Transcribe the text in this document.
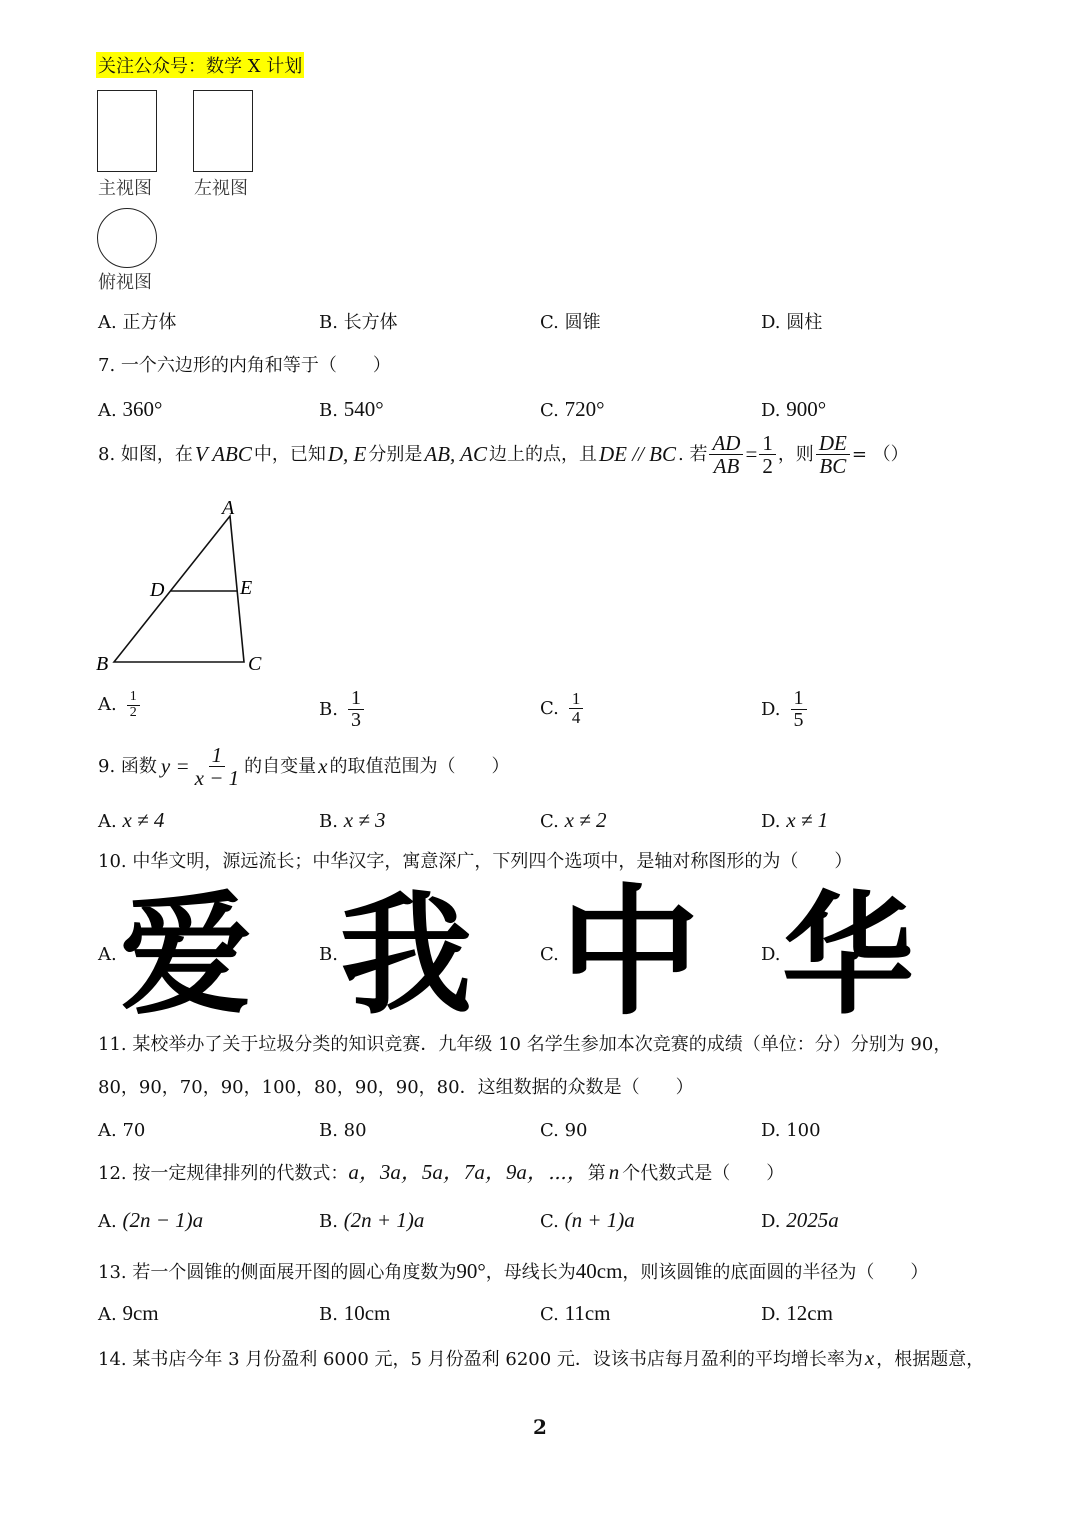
关注公众号：数学 X 计划
主视图 左视图
俯视图
A. 正方体	B. 长方体	C. 圆锥	D. 圆柱
7. 一个六边形的内角和等于（　　）
A. 360°	B. 540°	C. 720°	D. 900°
8. 如图，在 V ABC 中，已知 D, E 分别是 AB, AC 边上的点，且 DE // BC . 若 $\frac{AD}{AB} = \frac{1}{2}$ ，则 $\frac{DE}{BC}$ = （）
A
B	C
D	E
A. $\frac{1}{2}$	B. $\frac{1}{3}$	C. $\frac{1}{4}$	D. $\frac{1}{5}$
9. 函数 $y = \frac{1}{x - 1}$ 的自变量 x 的取值范围为（　　）
A. x ≠ 4	B. x ≠ 3	C. x ≠ 2	D. x ≠ 1
10. 中华文明，源远流长；中华汉字，寓意深广，下列四个选项中，是轴对称图形的为（　　）
A. 爱	B. 我	C. 中	D. 华
11. 某校举办了关于垃圾分类的知识竞赛．九年级 10 名学生参加本次竞赛的成绩（单位：分）分别为 90，
80，90，70，90，100，80，90，90，80．这组数据的众数是（　　）
A. 70	B. 80	C. 90	D. 100
12. 按一定规律排列的代数式：a，3a，5a，7a，9a，⋯，第 n 个代数式是（　　）
A. (2n − 1)a	B. (2n + 1)a	C. (n + 1)a	D. 2025a
13. 若一个圆锥的侧面展开图的圆心角度数为90°，母线长为40cm，则该圆锥的底面圆的半径为（　　）
A. 9cm	B. 10cm	C. 11cm	D. 12cm
14. 某书店今年 3 月份盈利 6000 元，5 月份盈利 6200 元．设该书店每月盈利的平均增长率为x ，根据题意，
2
